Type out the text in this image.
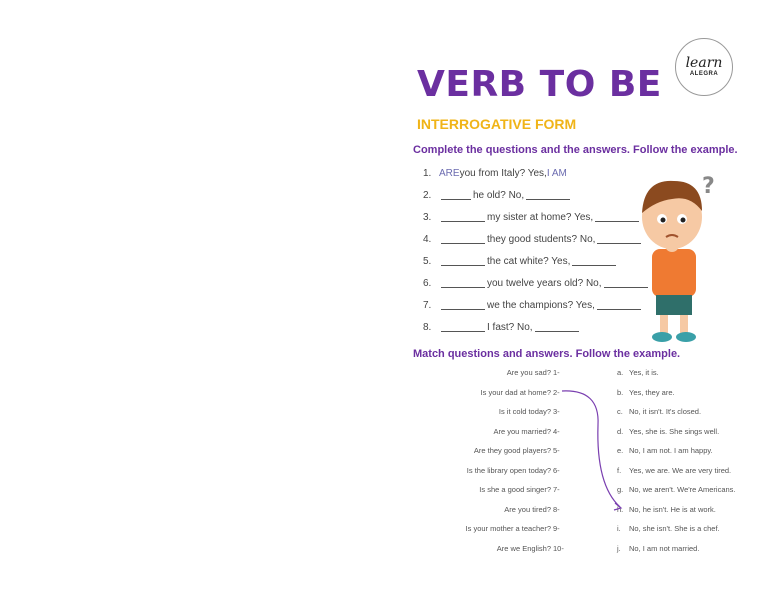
learn
ALEGRA
VERB TO BE
INTERROGATIVE FORM
Complete the questions and the answers. Follow the example.
1. ARE you from Italy? Yes, I AM
2.	he old? No,
3.	my sister at home? Yes,
4.	they good students? No,
5.	the cat white? Yes,
6.	you twelve years old? No,
7.	we the champions? Yes,
8.	I fast? No,
?
Match questions and answers. Follow the example.
Are you sad? 1-	a. Yes, it is.
Is your dad at home? 2-	b. Yes, they are.
Is it cold today? 3-	c. No, it isn't. It's closed.
Are you married? 4-	d. Yes, she is. She sings well.
Are they good players? 5-	e. No, I am not. I am happy.
Is the library open today? 6-	f.	Yes, we are. We are very tired.
Is she a good singer? 7-	g. No, we aren't. We're Americans.
Are you tired? 8-	h. No, he isn't. He is at work.
Is your mother a teacher? 9-	i.	No, she isn't. She is a chef.
Are we English? 10-	j.	No, I am not married.
